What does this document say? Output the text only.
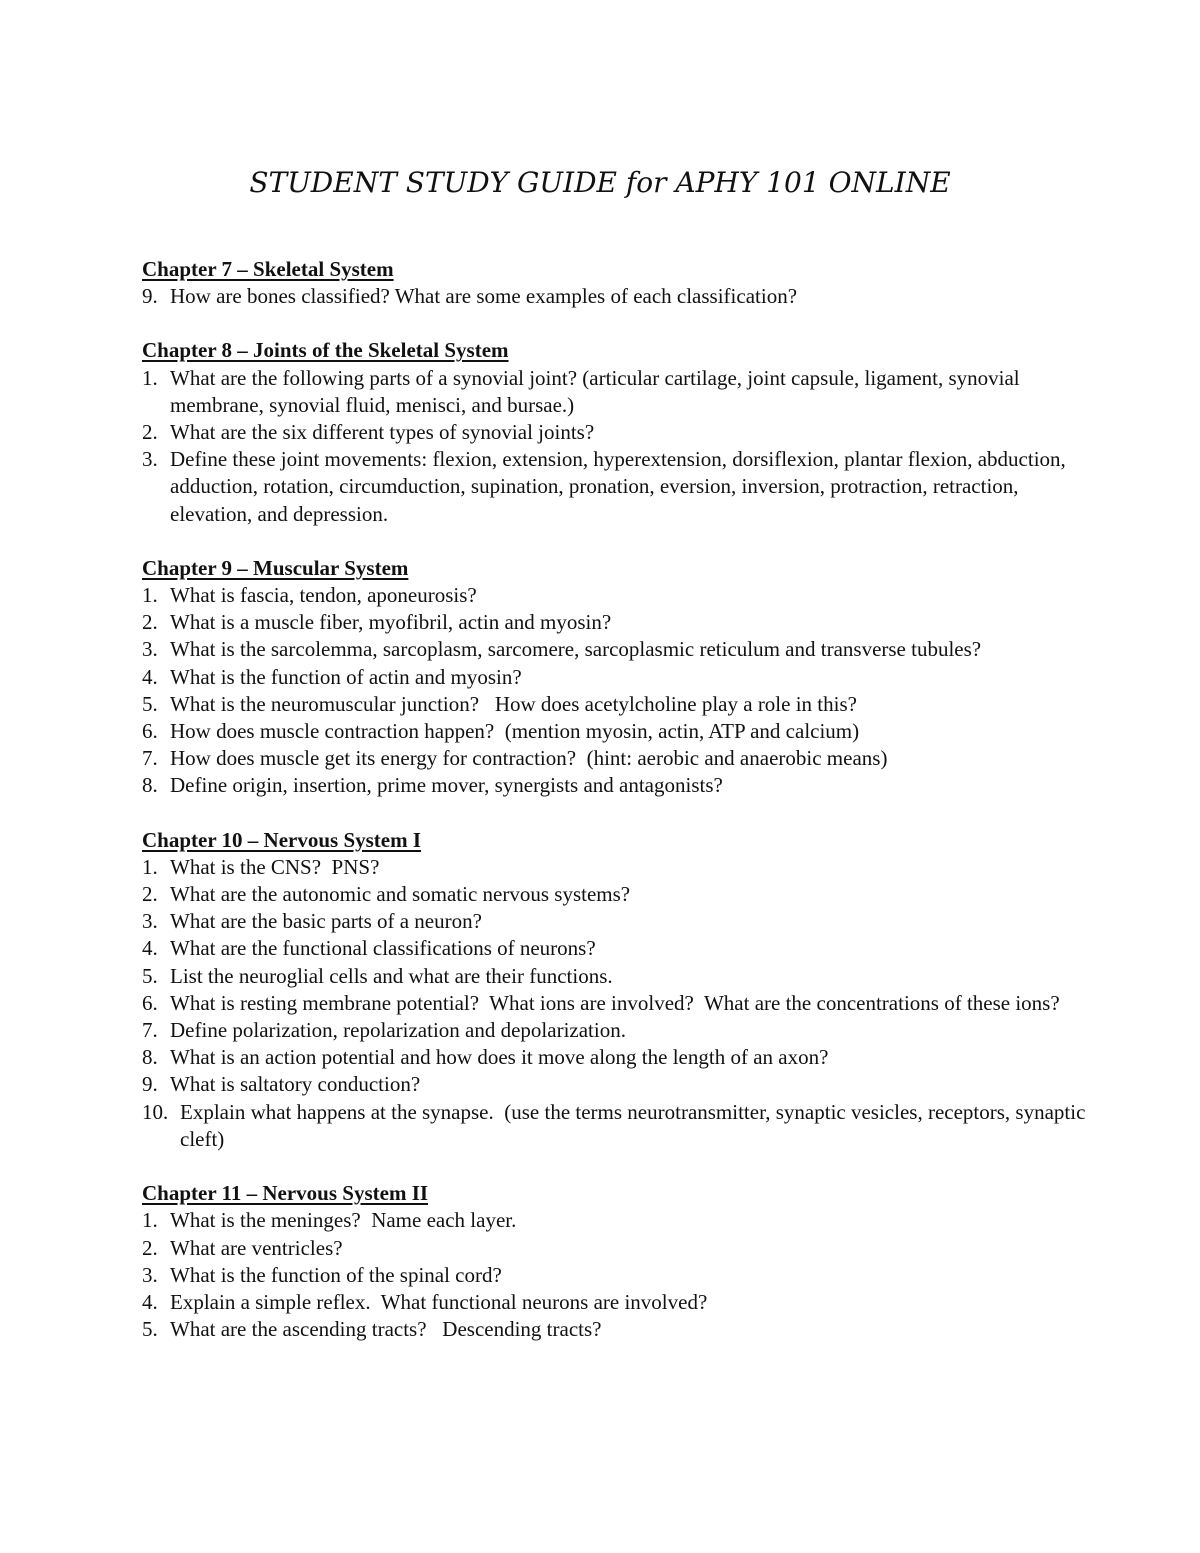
STUDENT STUDY GUIDE for APHY 101 ONLINE

Chapter 7 – Skeletal System

9. How are bones classified? What are some examples of each classification?

Chapter 8 – Joints of the Skeletal System

1. What are the following parts of a synovial joint? (articular cartilage, joint capsule, ligament, synovial membrane, synovial fluid, menisci, and bursae.)
2. What are the six different types of synovial joints?
3. Define these joint movements: flexion, extension, hyperextension, dorsiflexion, plantar flexion, abduction, adduction, rotation, circumduction, supination, pronation, eversion, inversion, protraction, retraction, elevation, and depression.

Chapter 9 – Muscular System

1. What is fascia, tendon, aponeurosis?
2. What is a muscle fiber, myofibril, actin and myosin?
3. What is the sarcolemma, sarcoplasm, sarcomere, sarcoplasmic reticulum and transverse tubules?
4. What is the function of actin and myosin?
5. What is the neuromuscular junction?   How does acetylcholine play a role in this?
6. How does muscle contraction happen?  (mention myosin, actin, ATP and calcium)
7. How does muscle get its energy for contraction?  (hint: aerobic and anaerobic means)
8. Define origin, insertion, prime mover, synergists and antagonists?

Chapter 10 – Nervous System I

1. What is the CNS?  PNS?
2. What are the autonomic and somatic nervous systems?
3. What are the basic parts of a neuron?
4. What are the functional classifications of neurons?
5. List the neuroglial cells and what are their functions.
6. What is resting membrane potential?  What ions are involved?  What are the concentrations of these ions?
7. Define polarization, repolarization and depolarization.
8. What is an action potential and how does it move along the length of an axon?
9. What is saltatory conduction?
10. Explain what happens at the synapse.  (use the terms neurotransmitter, synaptic vesicles, receptors, synaptic cleft)

Chapter 11 – Nervous System II

1. What is the meninges?  Name each layer.
2. What are ventricles?
3. What is the function of the spinal cord?
4. Explain a simple reflex.  What functional neurons are involved?
5. What are the ascending tracts?   Descending tracts?
